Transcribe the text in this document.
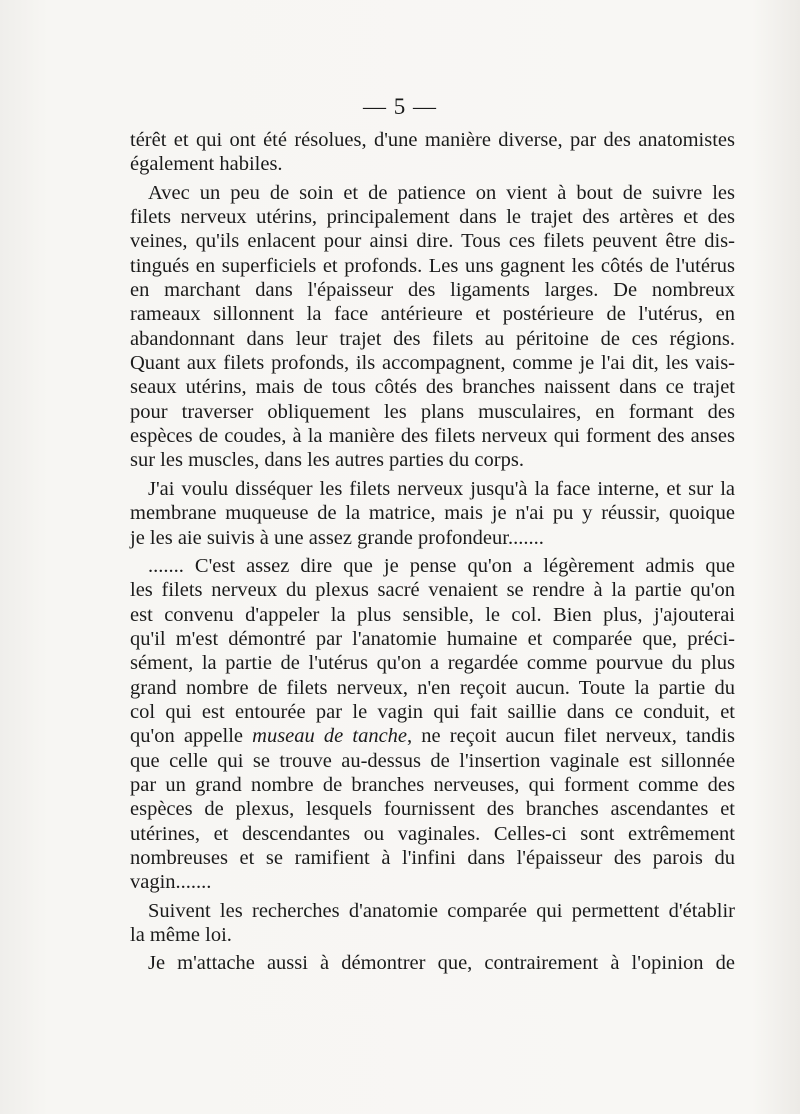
— 5 —
térêt et qui ont été résolues, d'une manière diverse, par des anatomistes
également habiles.
Avec un peu de soin et de patience on vient à bout de suivre les
filets nerveux utérins, principalement dans le trajet des artères et des
veines, qu'ils enlacent pour ainsi dire. Tous ces filets peuvent être dis-
tingués en superficiels et profonds. Les uns gagnent les côtés de l'utérus
en marchant dans l'épaisseur des ligaments larges. De nombreux
rameaux sillonnent la face antérieure et postérieure de l'utérus, en
abandonnant dans leur trajet des filets au péritoine de ces régions.
Quant aux filets profonds, ils accompagnent, comme je l'ai dit, les vais-
seaux utérins, mais de tous côtés des branches naissent dans ce trajet
pour traverser obliquement les plans musculaires, en formant des
espèces de coudes, à la manière des filets nerveux qui forment des anses
sur les muscles, dans les autres parties du corps.
J'ai voulu disséquer les filets nerveux jusqu'à la face interne, et sur la
membrane muqueuse de la matrice, mais je n'ai pu y réussir, quoique
je les aie suivis à une assez grande profondeur.......
....... C'est assez dire que je pense qu'on a légèrement admis que
les filets nerveux du plexus sacré venaient se rendre à la partie qu'on
est convenu d'appeler la plus sensible, le col. Bien plus, j'ajouterai
qu'il m'est démontré par l'anatomie humaine et comparée que, préci-
sément, la partie de l'utérus qu'on a regardée comme pourvue du plus
grand nombre de filets nerveux, n'en reçoit aucun. Toute la partie du
col qui est entourée par le vagin qui fait saillie dans ce conduit, et
qu'on appelle museau de tanche, ne reçoit aucun filet nerveux, tandis
que celle qui se trouve au-dessus de l'insertion vaginale est sillonnée
par un grand nombre de branches nerveuses, qui forment comme des
espèces de plexus, lesquels fournissent des branches ascendantes et
utérines, et descendantes ou vaginales. Celles-ci sont extrêmement
nombreuses et se ramifient à l'infini dans l'épaisseur des parois du
vagin.......
Suivent les recherches d'anatomie comparée qui permettent d'établir
la même loi.
Je m'attache aussi à démontrer que, contrairement à l'opinion de
